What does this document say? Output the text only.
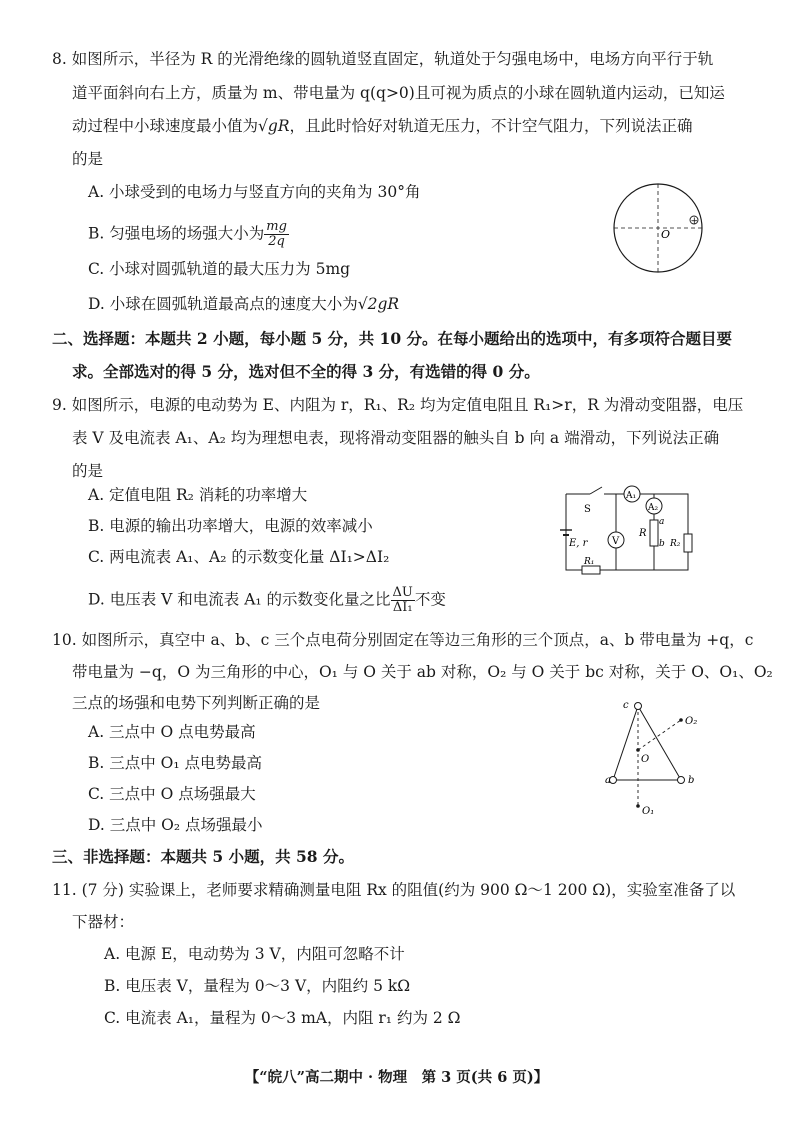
8. 如图所示，半径为 R 的光滑绝缘的圆轨道竖直固定，轨道处于匀强电场中，电场方向平行于轨
道平面斜向右上方，质量为 m、带电量为 q(q>0)且可视为质点的小球在圆轨道内运动，已知运
动过程中小球速度最小值为√gR，且此时恰好对轨道无压力，不计空气阻力，下列说法正确
的是
A. 小球受到的电场力与竖直方向的夹角为 30°角
B. 匀强电场的场强大小为 $\frac{mg}{2q}$
C. 小球对圆弧轨道的最大压力为 5mg
D. 小球在圆弧轨道最高点的速度大小为√2gR
+
O
二、选择题：本题共 2 小题，每小题 5 分，共 10 分。在每小题给出的选项中，有多项符合题目要
求。全部选对的得 5 分，选对但不全的得 3 分，有选错的得 0 分。
9. 如图所示，电源的电动势为 E、内阻为 r，R₁、R₂ 均为定值电阻且 R₁>r，R 为滑动变阻器，电压
表 V 及电流表 A₁、A₂ 均为理想电表，现将滑动变阻器的触头自 b 向 a 端滑动，下列说法正确
的是
A. 定值电阻 R₂ 消耗的功率增大
B. 电源的输出功率增大，电源的效率减小
C. 两电流表 A₁、A₂ 的示数变化量 ΔI₁>ΔI₂
D. 电压表 V 和电流表 A₁ 的示数变化量之比 $\frac{\Delta U}{\text{ΔI₁}}$ 不变
S
A₁
E, r V
A₂
a
b
R
R₁
R₂
10. 如图所示，真空中 a、b、c 三个点电荷分别固定在等边三角形的三个顶点，a、b 带电量为 +q，c
带电量为 −q，O 为三角形的中心，O₁ 与 O 关于 ab 对称，O₂ 与 O 关于 bc 对称，关于 O、O₁、O₂
三点的场强和电势下列判断正确的是
A. 三点中 O 点电势最高
B. 三点中 O₁ 点电势最高
C. 三点中 O 点场强最大
D. 三点中 O₂ 点场强最小
c
a	b
O
O₂
O₁
三、非选择题：本题共 5 小题，共 58 分。
11. (7 分) 实验课上，老师要求精确测量电阻 Rx 的阻值(约为 900 Ω～1 200 Ω)，实验室准备了以
下器材：
A. 电源 E，电动势为 3 V，内阻可忽略不计
B. 电压表 V，量程为 0～3 V，内阻约 5 kΩ
C. 电流表 A₁，量程为 0～3 mA，内阻 r₁ 约为 2 Ω
【“皖八”高二期中 · 物理　第 3 页(共 6 页)】
